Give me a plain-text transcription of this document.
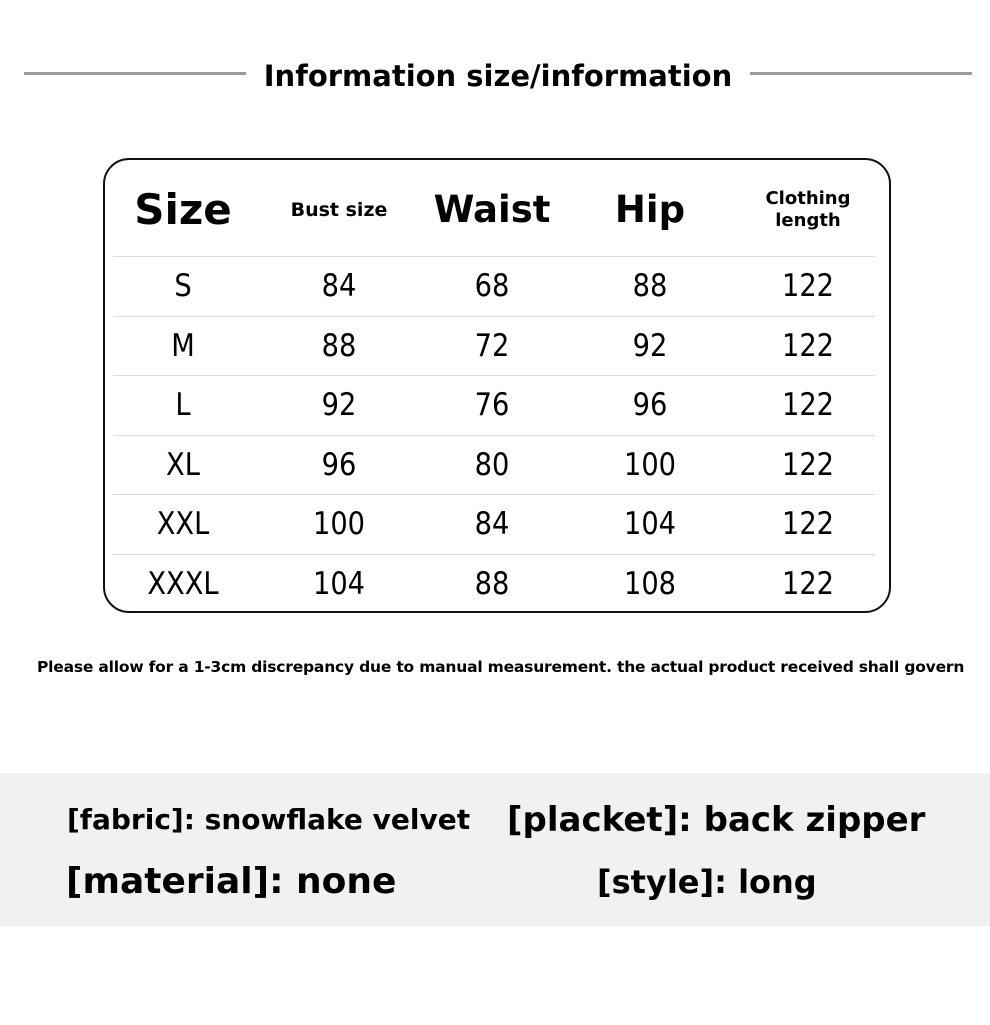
Information size/information
Size	Bust size	Waist	Hip	Clothing length
S	84	68	88	122
M	88	72	92	122
L	92	76	96	122
XL	96	80	100	122
XXL	100	84	104	122
XXXL	104	88	108	122
Please allow for a 1-3cm discrepancy due to manual measurement. the actual product received shall govern
[fabric]: snowflake velvet [placket]: back zipper
[material]: none	[style]: long
